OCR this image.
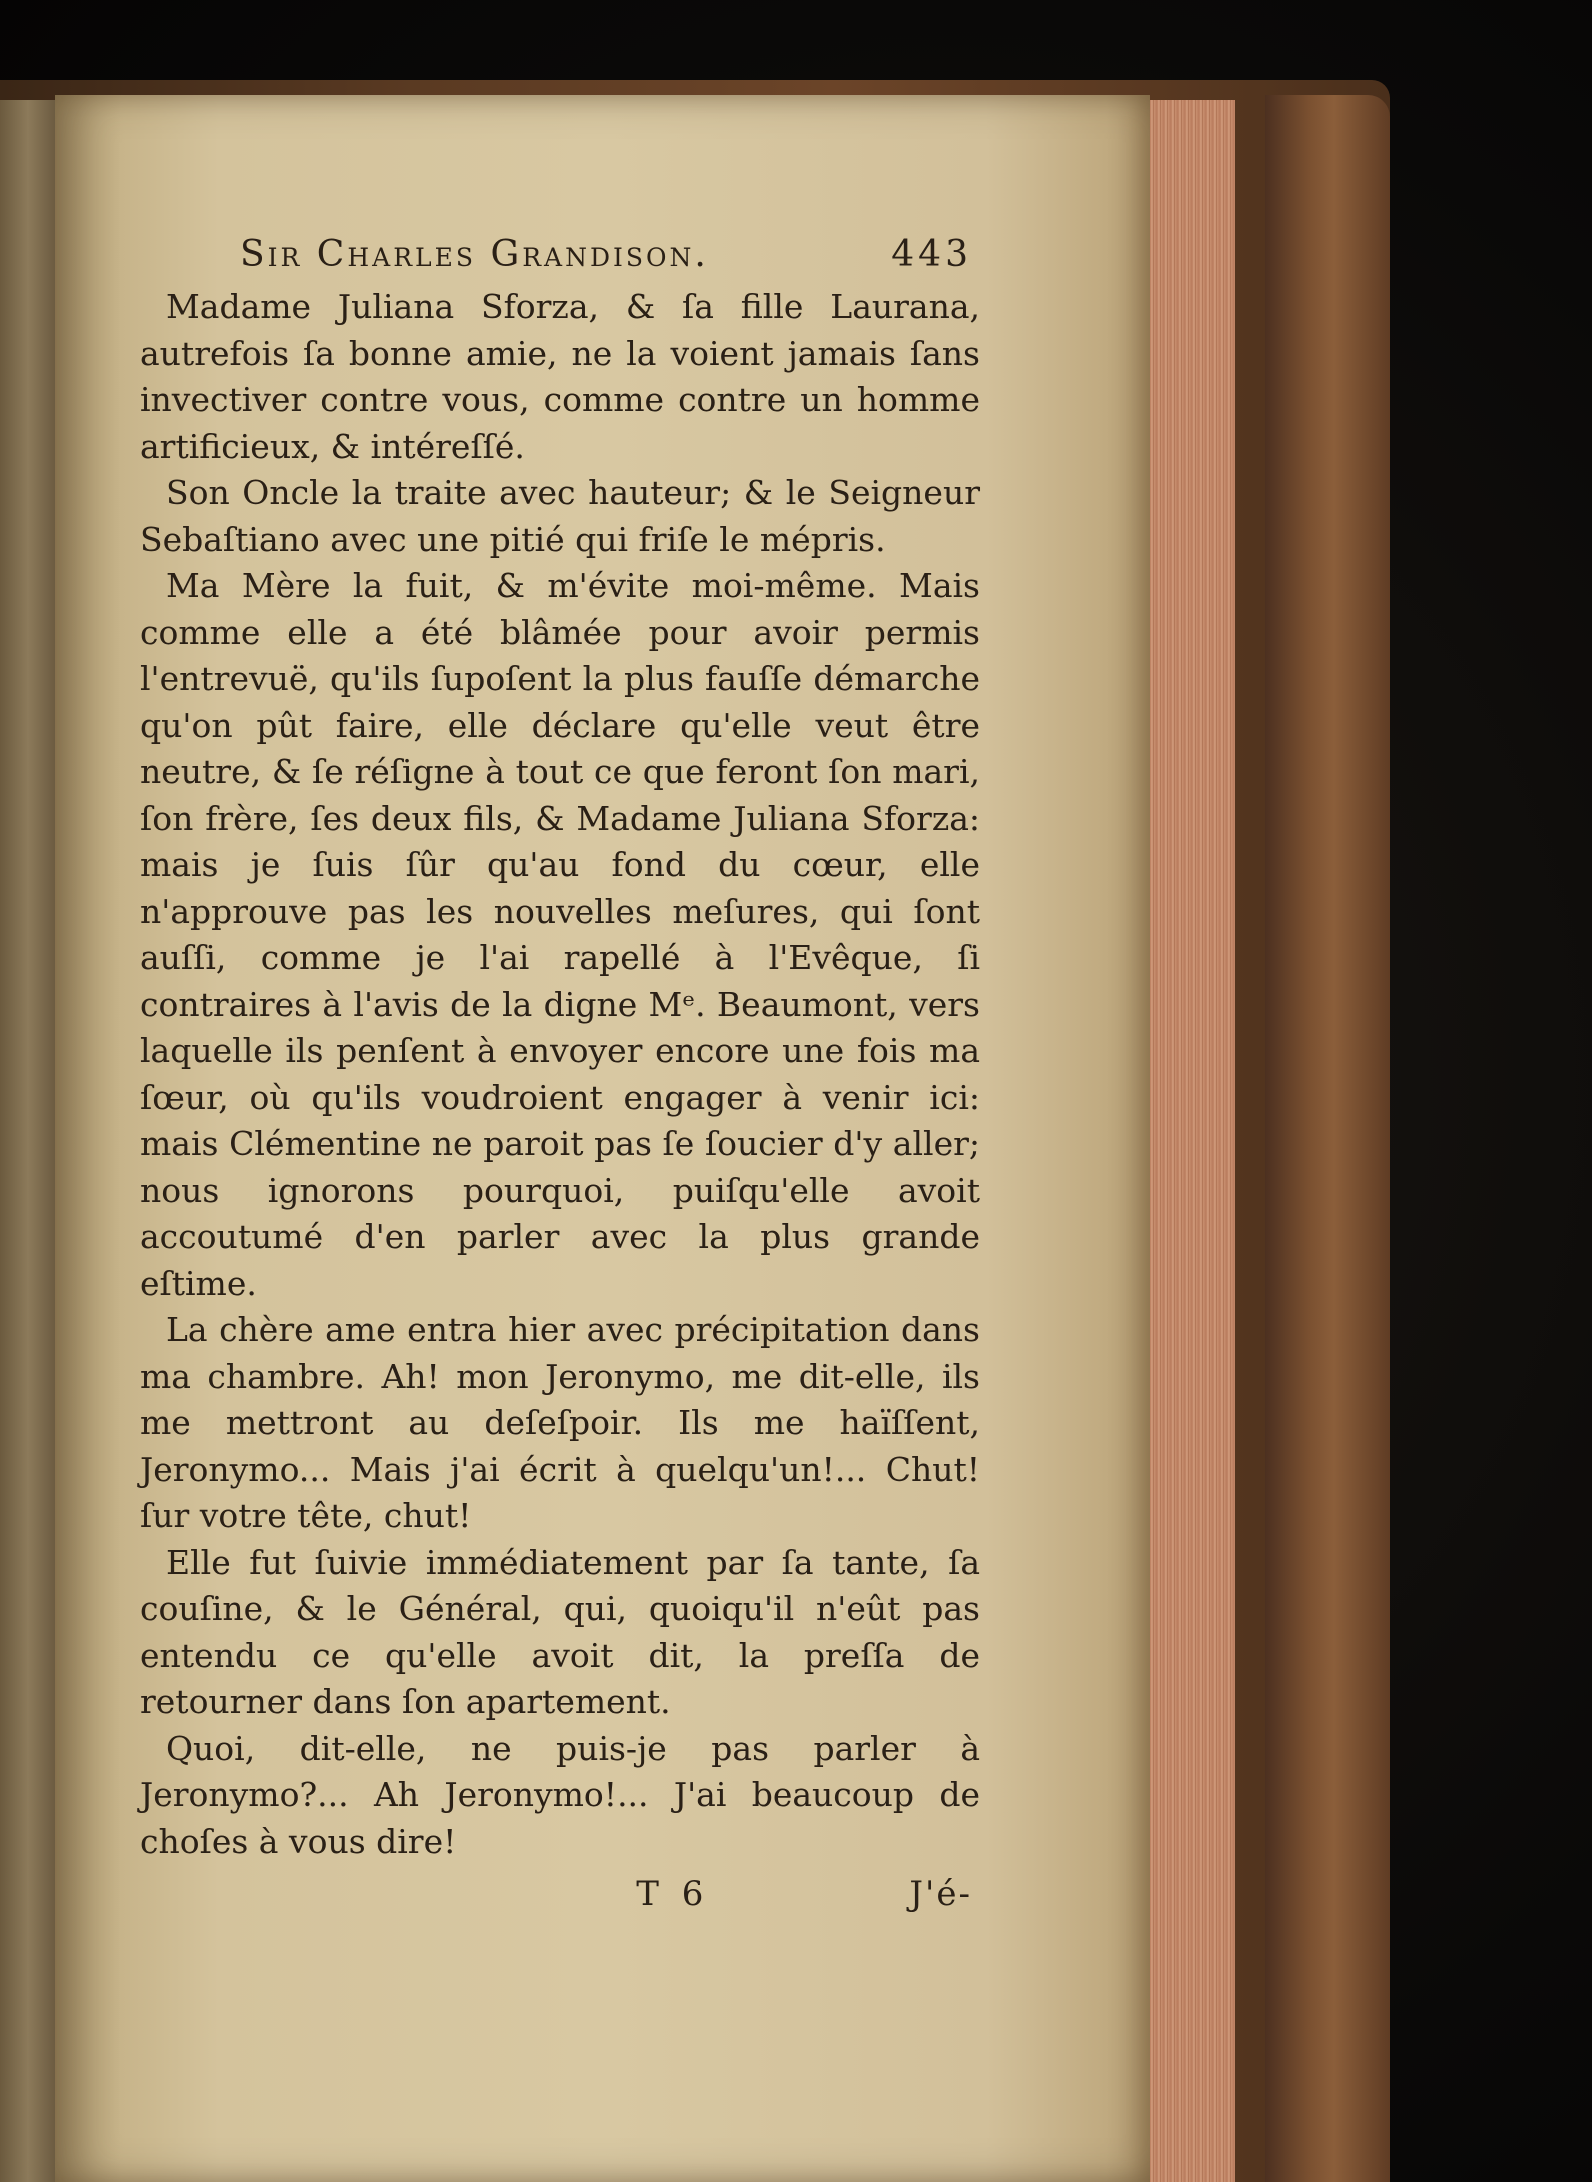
Sir Charles Grandison.	443

Madame Juliana Sforza, & ſa fille Laurana, autrefois ſa bonne amie, ne la voient jamais ſans invectiver contre vous, comme contre un homme artificieux, & intéreſſé.

Son Oncle la traite avec hauteur; & le Seigneur Sebaſtiano avec une pitié qui friſe le mépris.

Ma Mère la fuit, & m'évite moi-même. Mais comme elle a été blâmée pour avoir permis l'entrevuë, qu'ils ſupoſent la plus fauſſe démarche qu'on pût faire, elle déclare qu'elle veut être neutre, & ſe réſigne à tout ce que feront ſon mari, ſon frère, ſes deux fils, & Madame Juliana Sforza: mais je ſuis ſûr qu'au fond du cœur, elle n'approuve pas les nouvelles meſures, qui ſont auſſi, comme je l'ai rapellé à l'Evêque, ſi contraires à l'avis de la digne Mᵉ. Beaumont, vers laquelle ils penſent à envoyer encore une fois ma ſœur, où qu'ils voudroient engager à venir ici: mais Clémentine ne paroit pas ſe ſoucier d'y aller; nous ignorons pourquoi, puiſqu'elle avoit accoutumé d'en parler avec la plus grande eſtime.

La chère ame entra hier avec précipitation dans ma chambre. Ah! mon Jeronymo, me dit-elle, ils me mettront au deſeſpoir. Ils me haïſſent, Jeronymo... Mais j'ai écrit à quelqu'un!... Chut! ſur votre tête, chut!

Elle fut ſuivie immédiatement par ſa tante, ſa couſine, & le Général, qui, quoiqu'il n'eût pas entendu ce qu'elle avoit dit, la preſſa de retourner dans ſon apartement.

Quoi, dit-elle, ne puis-je pas parler à Jeronymo?... Ah Jeronymo!... J'ai beaucoup de choſes à vous dire!

T 6	J'é-
